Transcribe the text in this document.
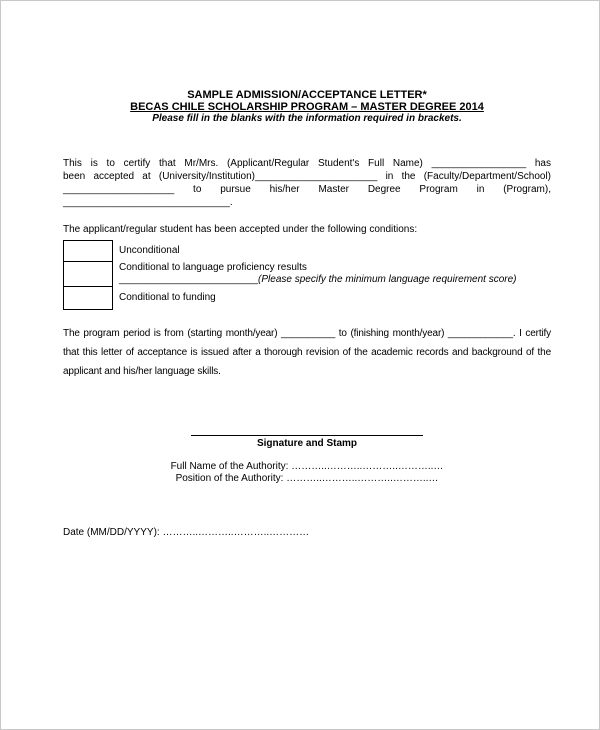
SAMPLE ADMISSION/ACCEPTANCE LETTER*
BECAS CHILE SCHOLARSHIP PROGRAM – MASTER DEGREE 2014
Please fill in the blanks with the information required in brackets.
This is to certify that Mr/Mrs. (Applicant/Regular Student's Full Name) _________________ has
been accepted at (University/Institution)______________________ in the (Faculty/Department/School)
____________________ to pursue his/her Master Degree Program in (Program),
______________________________.
The applicant/regular student has been accepted under the following conditions:
Unconditional
Conditional to language proficiency results
_________________________(Please specify the minimum language requirement score)
Conditional to funding
The program period is from (starting month/year) __________ to (finishing month/year) ____________. I certify
that this letter of acceptance is issued after a thorough revision of the academic records and background of the
applicant and his/her language skills.
Signature and Stamp
Full Name of the Authority: ………..………..………..………..…
Position of the Authority: ………..………..………..………..…
Date (MM/DD/YYYY): ………..………..………..…………
